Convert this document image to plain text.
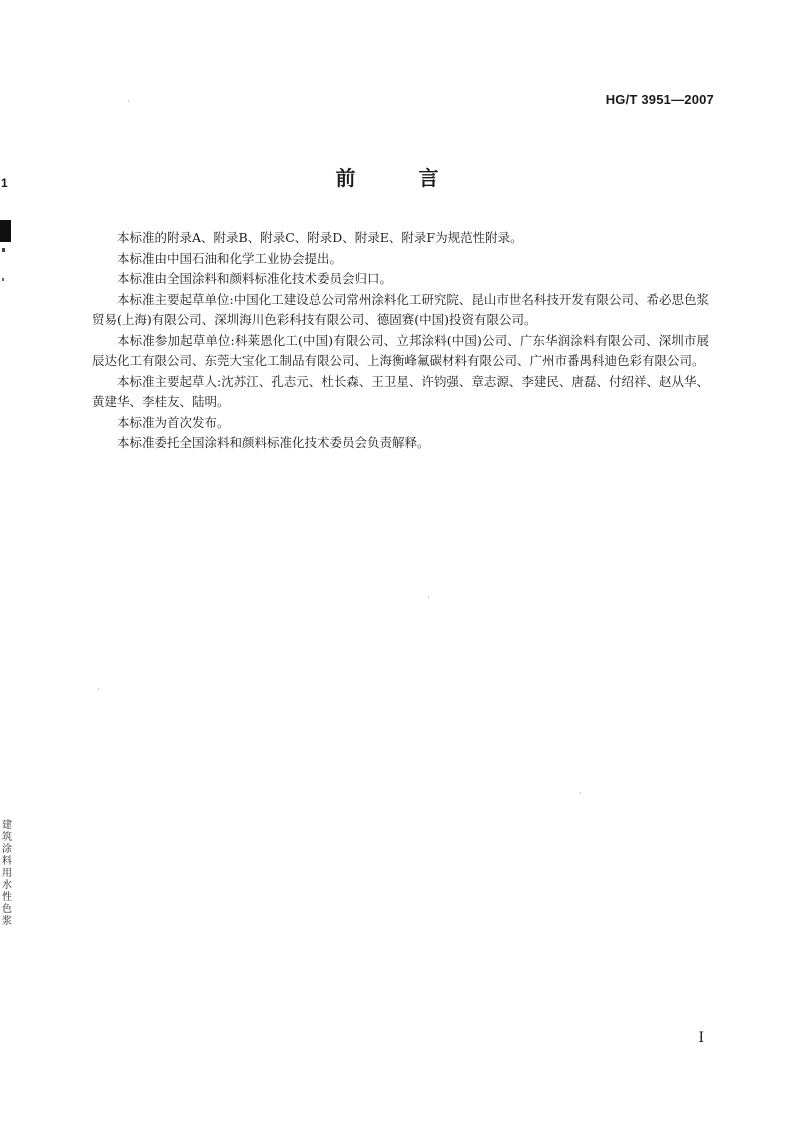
HG/T 3951—2007
前 言

本标准的附录A、附录B、附录C、附录D、附录E、附录F为规范性附录。

本标准由中国石油和化学工业协会提出。

本标准由全国涂料和颜料标准化技术委员会归口。

本标准主要起草单位:中国化工建设总公司常州涂料化工研究院、昆山市世名科技开发有限公司、希必思色浆贸易(上海)有限公司、深圳海川色彩科技有限公司、德固赛(中国)投资有限公司。

本标准参加起草单位:科莱恩化工(中国)有限公司、立邦涂料(中国)公司、广东华润涂料有限公司、深圳市展辰达化工有限公司、东莞大宝化工制品有限公司、上海衡峰氟碳材料有限公司、广州市番禺科迪色彩有限公司。

本标准主要起草人:沈苏江、孔志元、杜长森、王卫星、许钧强、章志源、李建民、唐磊、付绍祥、赵从华、黄建华、李桂友、陆明。

本标准为首次发布。

本标准委托全国涂料和颜料标准化技术委员会负责解释。

I
1
建筑涂料用水性色浆
